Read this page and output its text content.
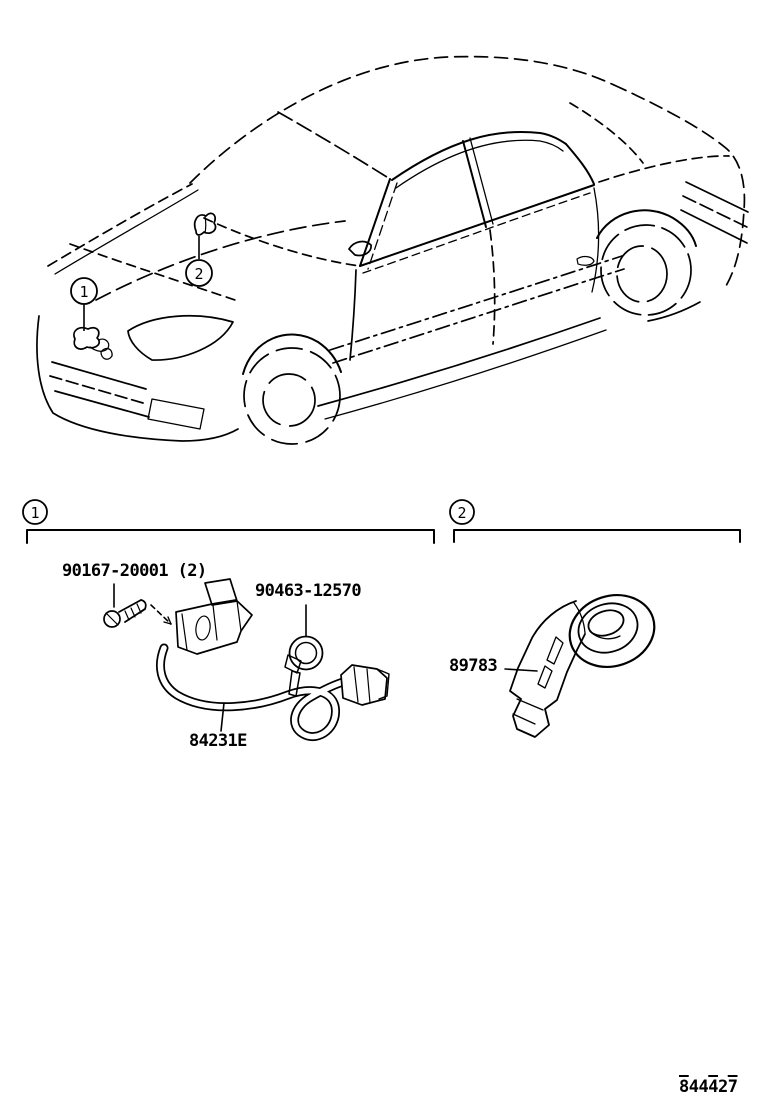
1
2
1	2
90167-20001 (2)
90463-12570
84231E
89783
844427
